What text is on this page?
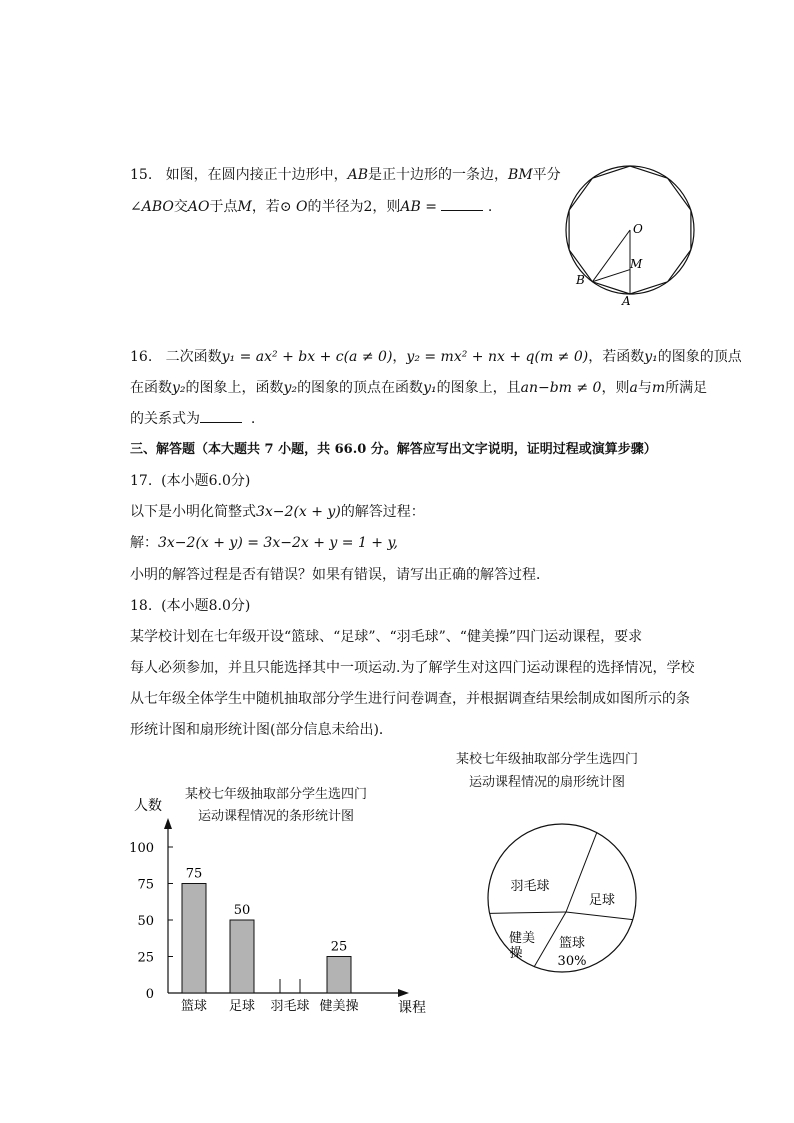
15. 如图，在圆内接正十边形中，AB是正十边形的一条边，BM平分
∠ABO交AO于点M，若⊙ O的半径为2，则AB =	.
O
M
B
A
16. 二次函数y₁ = ax² + bx + c(a ≠ 0)，y₂ = mx² + nx + q(m ≠ 0)，若函数y₁的图象的顶点
在函数y₂的图象上，函数y₂的图象的顶点在函数y₁的图象上，且an−bm ≠ 0，则a与m所满足
的关系式为	.
三、解答题（本大题共 7 小题，共 66.0 分。解答应写出文字说明，证明过程或演算步骤）
17. (本小题6.0分)
以下是小明化简整式3x−2(x + y)的解答过程：
解：3x−2(x + y) = 3x−2x + y = 1 + y,
小明的解答过程是否有错误？如果有错误，请写出正确的解答过程．
18. (本小题8.0分)
某学校计划在七年级开设“篮球、“足球”、“羽毛球”、“健美操”四门运动课程，要求
每人必须参加，并且只能选择其中一项运动.为了解学生对这四门运动课程的选择情况，学校
从七年级全体学生中随机抽取部分学生进行问卷调查，并根据调查结果绘制成如图所示的条
形统计图和扇形统计图(部分信息未给出)．
某校七年级抽取部分学生选四门
运动课程情况的条形统计图
0
25
50
75
100
人数
课程
75
篮球
50
足球 羽毛球
25
健美操
某校七年级抽取部分学生选四门
运动课程情况的扇形统计图
羽毛球
足球
篮球
30%
健美
操
